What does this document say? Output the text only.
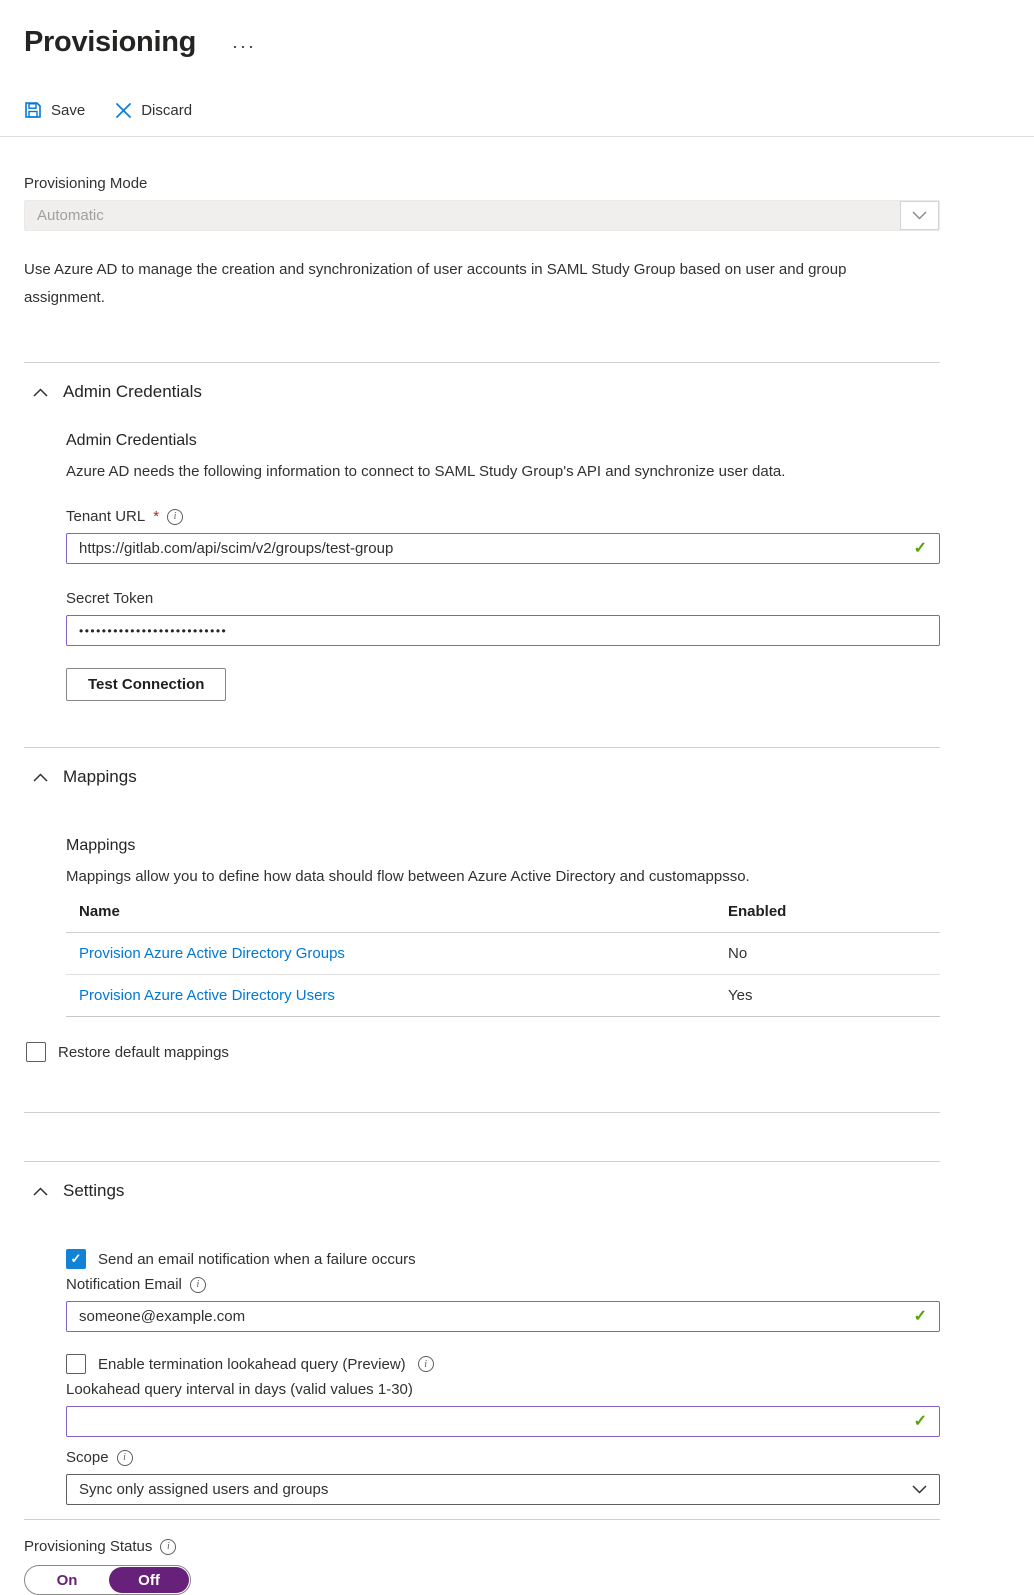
Provisioning ···
Save	Discard
Provisioning Mode
Automatic

Use Azure AD to manage the creation and synchronization of user accounts in SAML Study Group based on user and group assignment.

Admin Credentials
Admin Credentials
Azure AD needs the following information to connect to SAML Study Group's API and synchronize user data.
Tenant URL *	i
https://gitlab.com/api/scim/v2/groups/test-group	✓
Secret Token
••••••••••••••••••••••••••
Test Connection
Mappings
Mappings
Mappings allow you to define how data should flow between Azure Active Directory and customappsso.
Name	Enabled
Provision Azure Active Directory Groups	No
Provision Azure Active Directory Users	Yes
Restore default mappings
Settings
✓	Send an email notification when a failure occurs
Notification Email	i
someone@example.com	✓
Enable termination lookahead query (Preview)	i
Lookahead query interval in days (valid values 1-30)
✓
Scope	i
Sync only assigned users and groups
Provisioning Status	i
On	Off
